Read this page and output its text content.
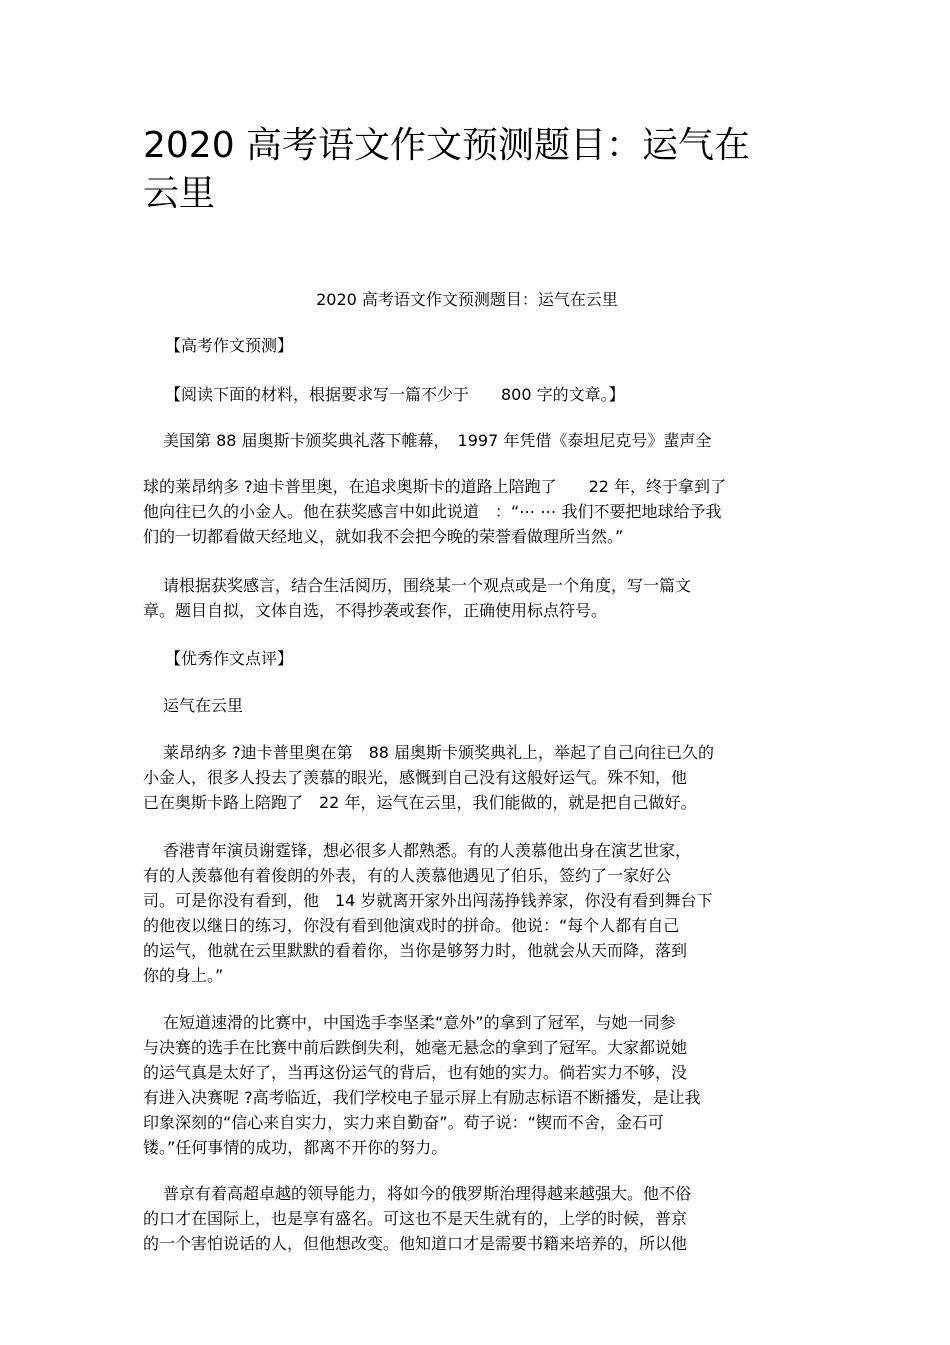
2020 高考语文作文预测题目：运气在云里
2020 高考语文作文预测题目：运气在云里
【高考作文预测】
【阅读下面的材料，根据要求写一篇不少于　　800 字的文章。】
美国第 88 届奥斯卡颁奖典礼落下帷幕，　1997 年凭借《泰坦尼克号》蜚声全
球的莱昂纳多 ?迪卡普里奥，在追求奥斯卡的道路上陪跑了　　22 年，终于拿到了
他向往已久的小金人。他在获奖感言中如此说道　：“⋯ ⋯ 我们不要把地球给予我
们的一切都看做天经地义，就如我不会把今晚的荣誉看做理所当然。”
请根据获奖感言，结合生活阅历，围绕某一个观点或是一个角度，写一篇文
章。题目自拟，文体自选，不得抄袭或套作，正确使用标点符号。
【优秀作文点评】
运气在云里
莱昂纳多 ?迪卡普里奥在第　88 届奥斯卡颁奖典礼上，举起了自己向往已久的
小金人，很多人投去了羡慕的眼光，感慨到自己没有这般好运气。殊不知，他
已在奥斯卡路上陪跑了　22 年，运气在云里，我们能做的，就是把自己做好。
香港青年演员谢霆锋，想必很多人都熟悉。有的人羡慕他出身在演艺世家，
有的人羡慕他有着俊朗的外表，有的人羡慕他遇见了伯乐，签约了一家好公
司。可是你没有看到，他　14 岁就离开家外出闯荡挣钱养家，你没有看到舞台下
的他夜以继日的练习，你没有看到他演戏时的拼命。他说：“每个人都有自己
的运气，他就在云里默默的看着你，当你是够努力时，他就会从天而降，落到
你的身上。”
在短道速滑的比赛中，中国选手李坚柔“意外”的拿到了冠军，与她一同参
与决赛的选手在比赛中前后跌倒失利，她毫无悬念的拿到了冠军。大家都说她
的运气真是太好了，当再这份运气的背后，也有她的实力。倘若实力不够，没
有进入决赛呢 ?高考临近，我们学校电子显示屏上有励志标语不断播发，是让我
印象深刻的“信心来自实力，实力来自勤奋”。荀子说：“锲而不舍，金石可
镂。”任何事情的成功，都离不开你的努力。
普京有着高超卓越的领导能力，将如今的俄罗斯治理得越来越强大。他不俗
的口才在国际上，也是享有盛名。可这也不是天生就有的，上学的时候，普京
的一个害怕说话的人，但他想改变。他知道口才是需要书籍来培养的，所以他
